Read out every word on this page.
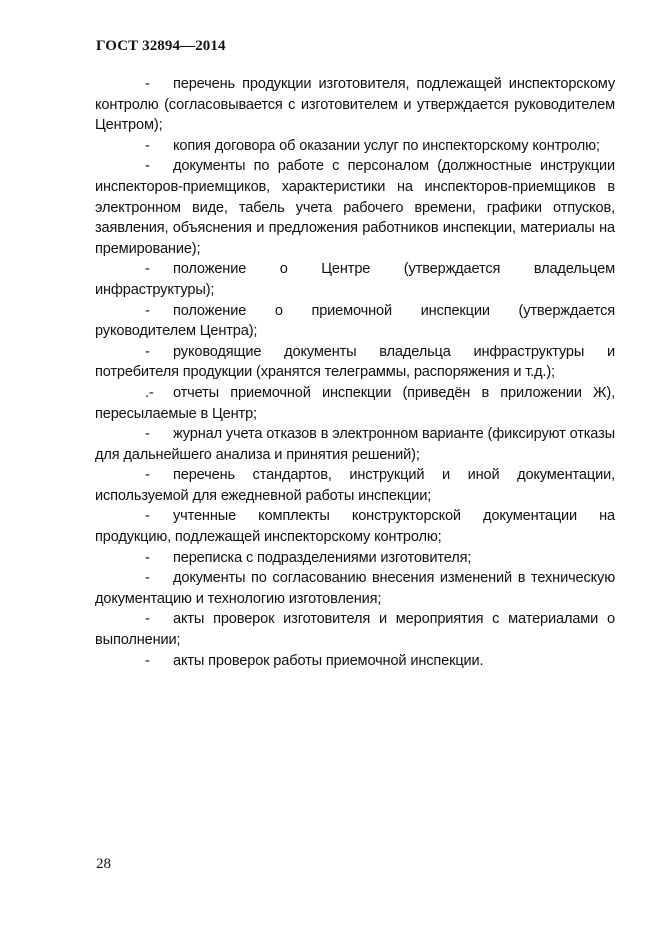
ГОСТ 32894—2014

- перечень продукции изготовителя, подлежащей инспекторскому контролю (согласовывается с изготовителем и утверждается руководителем Центром);

- копия договора об оказании услуг по инспекторскому контролю;

- документы по работе с персоналом (должностные инструкции инспекторов-приемщиков, характеристики на инспекторов-приемщиков в электронном виде, табель учета рабочего времени, графики отпусков, заявления, объяснения и предложения работников инспекции, материалы на премирование);

- положение о Центре (утверждается владельцем инфраструктуры);

- положение о приемочной инспекции (утверждается руководителем Центра);

- руководящие документы владельца инфраструктуры и потребителя продукции (хранятся телеграммы, распоряжения и т.д.);

.- отчеты приемочной инспекции (приведён в приложении Ж), пересылаемые в Центр;

- журнал учета отказов в электронном варианте (фиксируют отказы для дальнейшего анализа и принятия решений);

- перечень стандартов, инструкций и иной документации, используемой для ежедневной работы инспекции;

- учтенные комплекты конструкторской документации на продукцию, подлежащей инспекторскому контролю;

- переписка с подразделениями изготовителя;

- документы по согласованию внесения изменений в техническую документацию и технологию изготовления;

- акты проверок изготовителя и мероприятия с материалами о выполнении;

- акты проверок работы приемочной инспекции.

28
